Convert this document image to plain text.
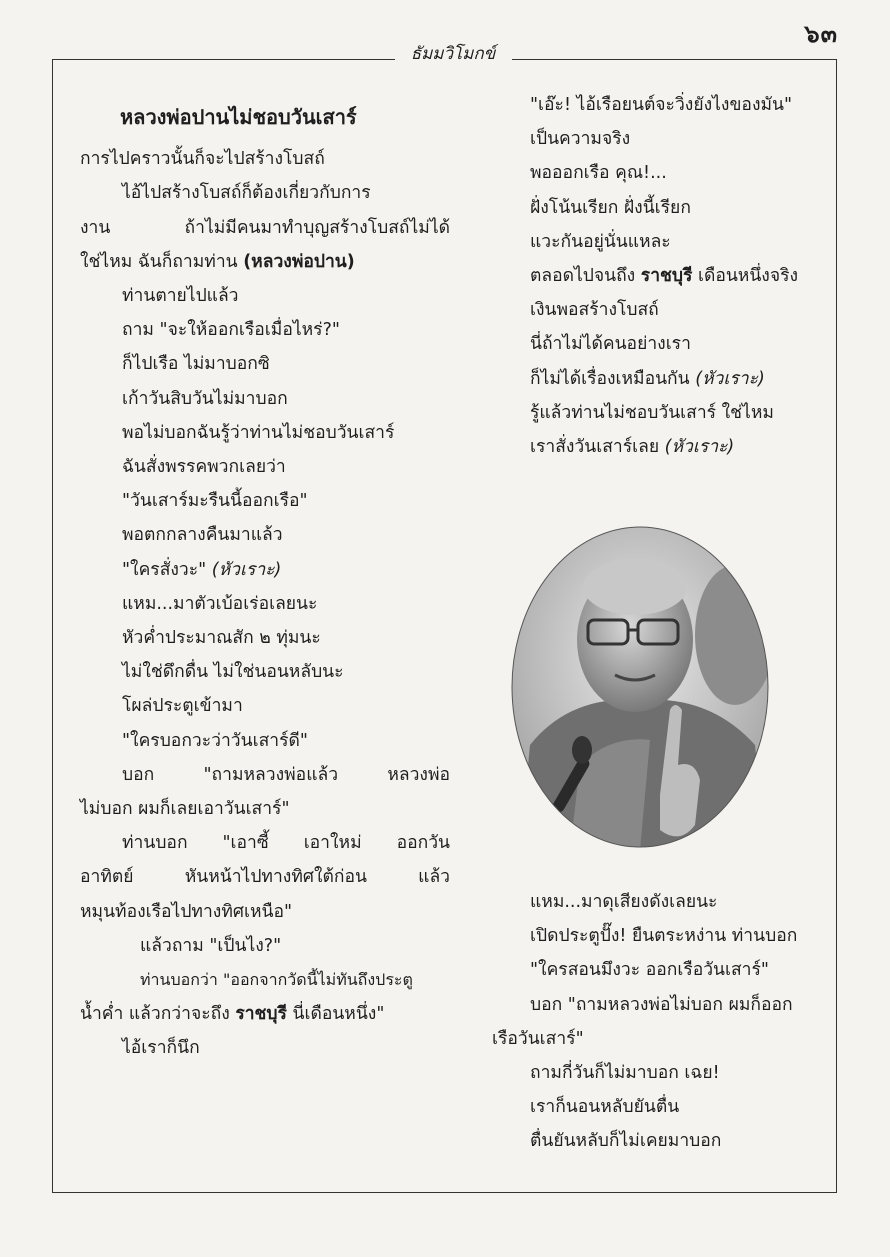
๖๓
ธัมมวิโมกข์
หลวงพ่อปานไม่ชอบวันเสาร์
การไปคราวนั้นก็จะไปสร้างโบสถ์
ไอ้ไปสร้างโบสถ์ก็ต้องเกี่ยวกับการ
งาน ถ้าไม่มีคนมาทำบุญสร้างโบสถ์ไม่ได้
ใช่ไหม ฉันก็ถามท่าน (หลวงพ่อปาน)
ท่านตายไปแล้ว
ถาม "จะให้ออกเรือเมื่อไหร่?"
ก็ไปเรือ ไม่มาบอกซิ
เก้าวันสิบวันไม่มาบอก
พอไม่บอกฉันรู้ว่าท่านไม่ชอบวันเสาร์
ฉันสั่งพรรคพวกเลยว่า
"วันเสาร์มะรืนนี้ออกเรือ"
พอตกกลางคืนมาแล้ว
"ใครสั่งวะ" (หัวเราะ)
แหม...มาตัวเบ้อเร่อเลยนะ
หัวค่ำประมาณสัก ๒ ทุ่มนะ
ไม่ใช่ดึกดื่น ไม่ใช่นอนหลับนะ
โผล่ประตูเข้ามา
"ใครบอกวะว่าวันเสาร์ดี"
บอก "ถามหลวงพ่อแล้ว หลวงพ่อ
ไม่บอก ผมก็เลยเอาวันเสาร์"
ท่านบอก "เอาซี้ เอาใหม่ ออกวัน
อาทิตย์ หันหน้าไปทางทิศใต้ก่อน แล้ว
หมุนท้องเรือไปทางทิศเหนือ"
แล้วถาม "เป็นไง?"
ท่านบอกว่า "ออกจากวัดนี้ไม่ทันถึงประตู
น้ำค่ำ แล้วกว่าจะถึง ราชบุรี นี่เดือนหนึ่ง"
ไอ้เราก็นึก
"เอ๊ะ! ไอ้เรือยนต์จะวิ่งยังไงของมัน"
เป็นความจริง
พอออกเรือ คุณ!...
ฝั่งโน้นเรียก ฝั่งนี้เรียก
แวะกันอยู่นั่นแหละ
ตลอดไปจนถึง ราชบุรี เดือนหนึ่งจริง
เงินพอสร้างโบสถ์
นี่ถ้าไม่ได้คนอย่างเรา
ก็ไม่ได้เรื่องเหมือนกัน (หัวเราะ)
รู้แล้วท่านไม่ชอบวันเสาร์ ใช่ไหม
เราสั่งวันเสาร์เลย (หัวเราะ)
แหม...มาดุเสียงดังเลยนะ
เปิดประตูปั๊ง! ยืนตระหง่าน ท่านบอก
"ใครสอนมึงวะ ออกเรือวันเสาร์"
บอก "ถามหลวงพ่อไม่บอก ผมก็ออก
เรือวันเสาร์"
ถามกี่วันก็ไม่มาบอก เฉย!
เราก็นอนหลับยันตื่น
ตื่นยันหลับก็ไม่เคยมาบอก
